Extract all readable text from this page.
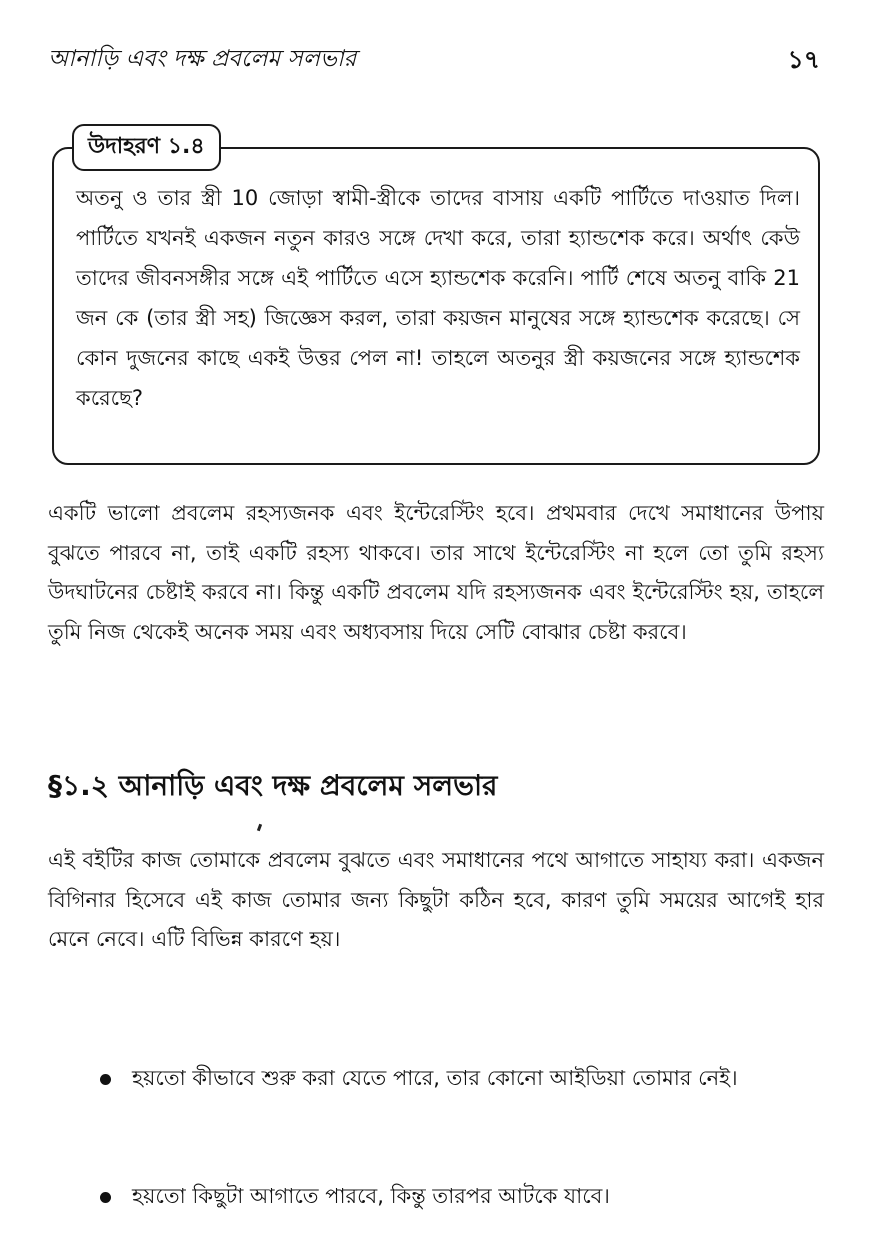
আনাড়ি এবং দক্ষ প্রবলেম সলভার	১৭
উদাহরণ ১.৪
অতনু ও তার স্ত্রী 10 জোড়া স্বামী-স্ত্রীকে তাদের বাসায় একটি পার্টিতে দাওয়াত দিল। পার্টিতে যখনই একজন নতুন কারও সঙ্গে দেখা করে, তারা হ্যান্ডশেক করে। অর্থাৎ কেউ তাদের জীবনসঙ্গীর সঙ্গে এই পার্টিতে এসে হ্যান্ডশেক করেনি। পার্টি শেষে অতনু বাকি 21 জন কে (তার স্ত্রী সহ) জিজ্ঞেস করল, তারা কয়জন মানুষের সঙ্গে হ্যান্ডশেক করেছে। সে কোন দুজনের কাছে একই উত্তর পেল না! তাহলে অতনুর স্ত্রী কয়জনের সঙ্গে হ্যান্ডশেক করেছে?
একটি ভালো প্রবলেম রহস্যজনক এবং ইন্টেরেস্টিং হবে। প্রথমবার দেখে সমাধানের উপায় বুঝতে পারবে না, তাই একটি রহস্য থাকবে। তার সাথে ইন্টেরেস্টিং না হলে তো তুমি রহস্য উদঘাটনের চেষ্টাই করবে না। কিন্তু একটি প্রবলেম যদি রহস্যজনক এবং ইন্টেরেস্টিং হয়, তাহলে তুমি নিজ থেকেই অনেক সময় এবং অধ্যবসায় দিয়ে সেটি বোঝার চেষ্টা করবে।
§১.২ আনাড়ি এবং দক্ষ প্রবলেম সলভার
এই বইটির কাজ তোমাকে প্রবলেম বুঝতে এবং সমাধানের পথে আগাতে সাহায্য করা। একজন বিগিনার হিসেবে এই কাজ তোমার জন্য কিছুটা কঠিন হবে, কারণ তুমি সময়ের আগেই হার মেনে নেবে। এটি বিভিন্ন কারণে হয়।
হয়তো কীভাবে শুরু করা যেতে পারে, তার কোনো আইডিয়া তোমার নেই।
হয়তো কিছুটা আগাতে পারবে, কিন্তু তারপর আটকে যাবে।
